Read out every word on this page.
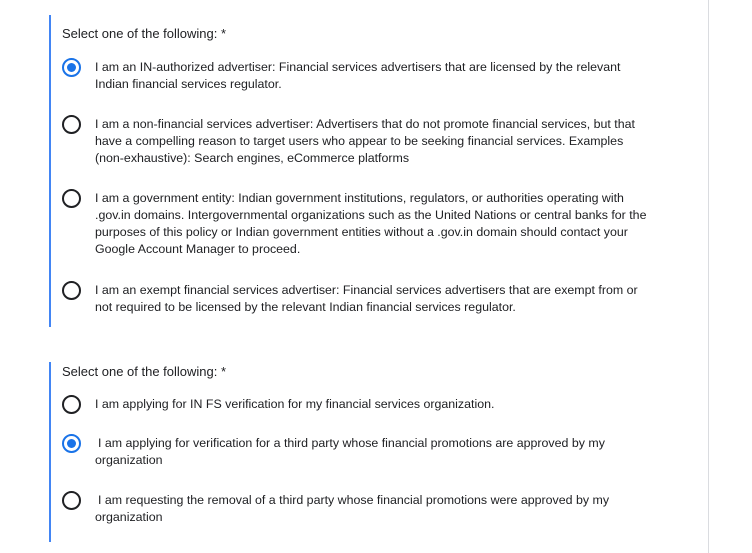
Select one of the following: *
I am an IN-authorized advertiser: Financial services advertisers that are licensed by the relevant Indian financial services regulator.
I am a non-financial services advertiser: Advertisers that do not promote financial services, but that have a compelling reason to target users who appear to be seeking financial services. Examples (non-exhaustive): Search engines, eCommerce platforms
I am a government entity: Indian government institutions, regulators, or authorities operating with .gov.in domains. Intergovernmental organizations such as the United Nations or central banks for the purposes of this policy or Indian government entities without a .gov.in domain should contact your Google Account Manager to proceed.
I am an exempt financial services advertiser: Financial services advertisers that are exempt from or not required to be licensed by the relevant Indian financial services regulator.
Select one of the following: *
I am applying for IN FS verification for my financial services organization.
I am applying for verification for a third party whose financial promotions are approved by my organization
I am requesting the removal of a third party whose financial promotions were approved by my organization
